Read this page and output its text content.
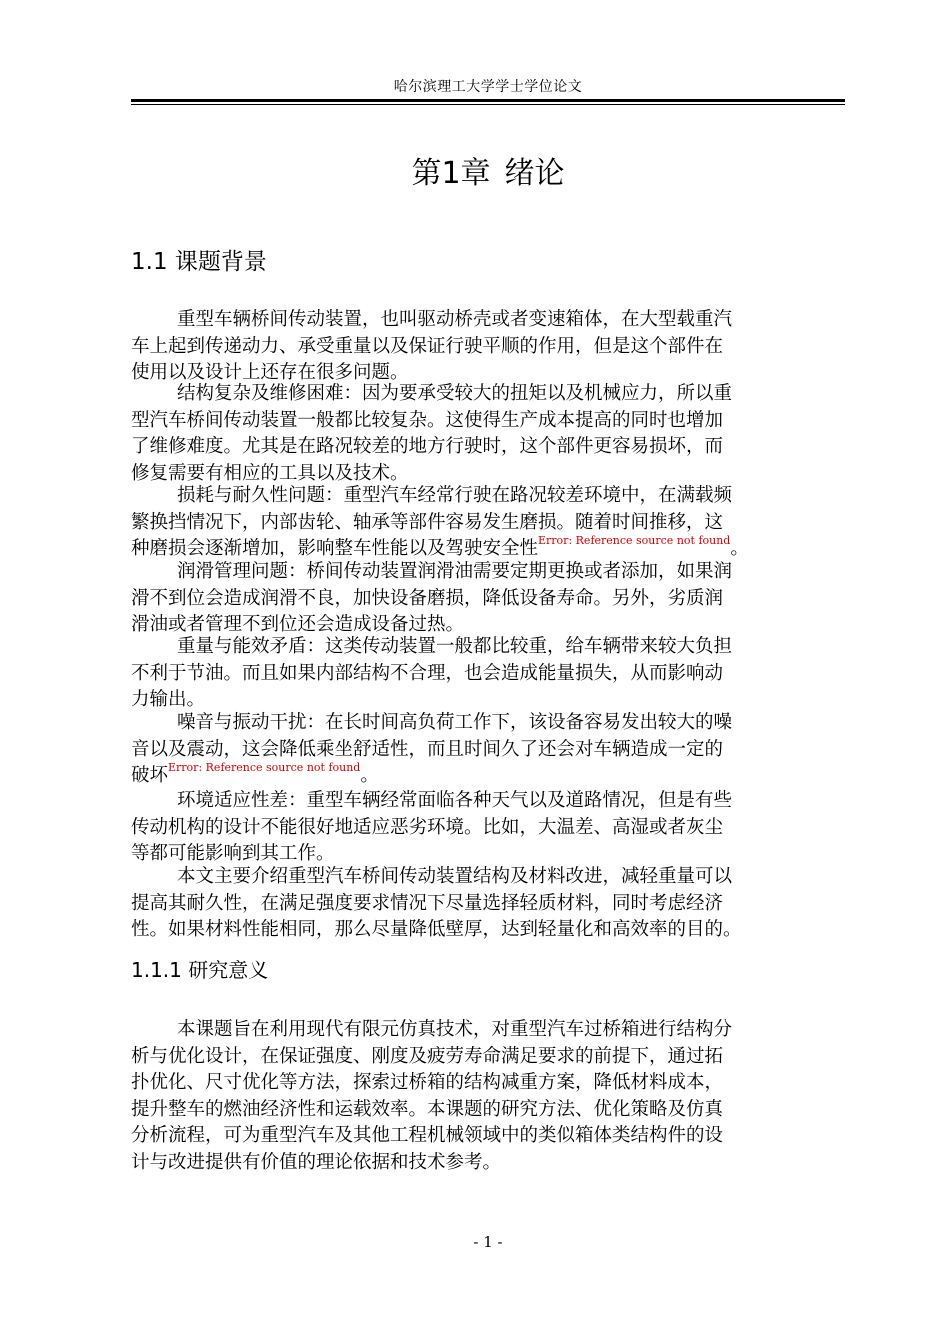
哈尔滨理工大学学士学位论文
第1章 绪论
1.1 课题背景
重型车辆桥间传动装置，也叫驱动桥壳或者变速箱体，在大型载重汽
车上起到传递动力、承受重量以及保证行驶平顺的作用，但是这个部件在
使用以及设计上还存在很多问题。
结构复杂及维修困难：因为要承受较大的扭矩以及机械应力，所以重
型汽车桥间传动装置一般都比较复杂。这使得生产成本提高的同时也增加
了维修难度。尤其是在路况较差的地方行驶时，这个部件更容易损坏，而
修复需要有相应的工具以及技术。
损耗与耐久性问题：重型汽车经常行驶在路况较差环境中，在满载频
繁换挡情况下，内部齿轮、轴承等部件容易发生磨损。随着时间推移，这
种磨损会逐渐增加，影响整车性能以及驾驶安全性$^{Error: Reference source not found}$。
润滑管理问题：桥间传动装置润滑油需要定期更换或者添加，如果润
滑不到位会造成润滑不良，加快设备磨损，降低设备寿命。另外，劣质润
滑油或者管理不到位还会造成设备过热。
重量与能效矛盾：这类传动装置一般都比较重，给车辆带来较大负担
不利于节油。而且如果内部结构不合理，也会造成能量损失，从而影响动
力输出。
噪音与振动干扰：在长时间高负荷工作下，该设备容易发出较大的噪
音以及震动，这会降低乘坐舒适性，而且时间久了还会对车辆造成一定的
破坏$^{Error: Reference source not found}$。
环境适应性差：重型车辆经常面临各种天气以及道路情况，但是有些
传动机构的设计不能很好地适应恶劣环境。比如，大温差、高湿或者灰尘
等都可能影响到其工作。
本文主要介绍重型汽车桥间传动装置结构及材料改进，减轻重量可以
提高其耐久性，在满足强度要求情况下尽量选择轻质材料，同时考虑经济
性。如果材料性能相同，那么尽量降低壁厚，达到轻量化和高效率的目的。
1.1.1 研究意义
本课题旨在利用现代有限元仿真技术，对重型汽车过桥箱进行结构分
析与优化设计，在保证强度、刚度及疲劳寿命满足要求的前提下，通过拓
扑优化、尺寸优化等方法，探索过桥箱的结构减重方案，降低材料成本，
提升整车的燃油经济性和运载效率。本课题的研究方法、优化策略及仿真
分析流程，可为重型汽车及其他工程机械领域中的类似箱体类结构件的设
计与改进提供有价值的理论依据和技术参考。
- 1 -
